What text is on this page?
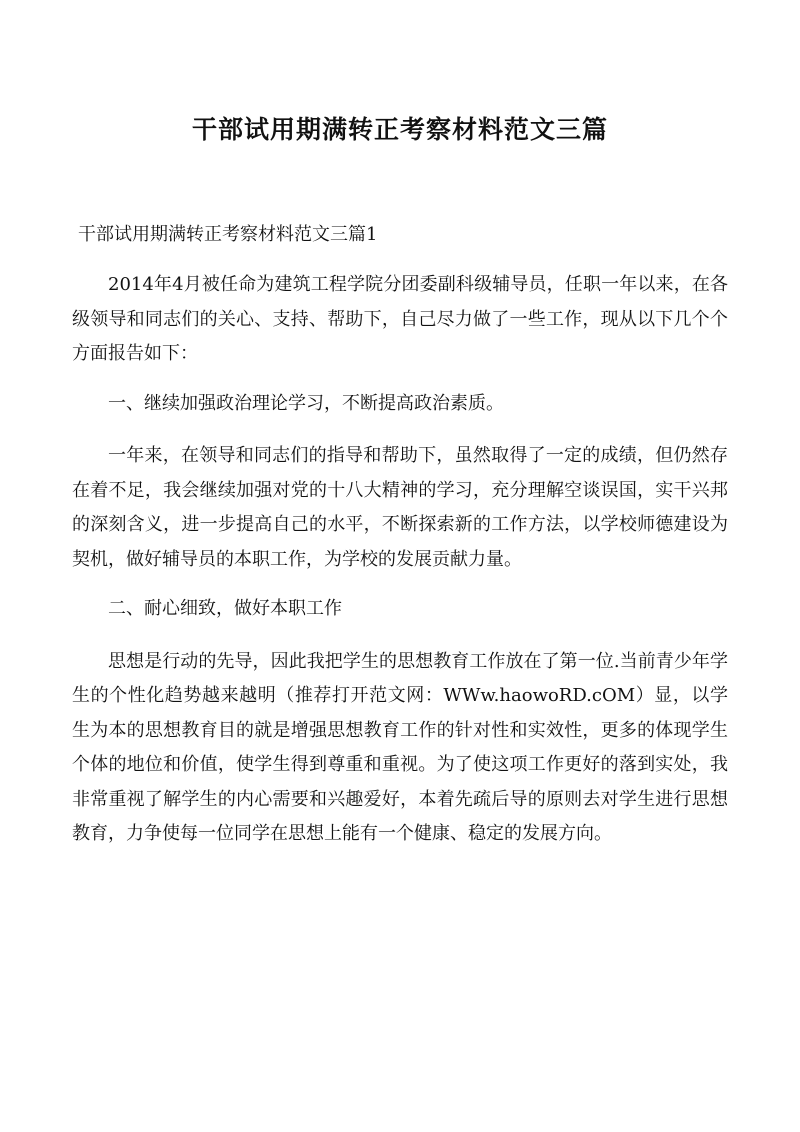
干部试用期满转正考察材料范文三篇

干部试用期满转正考察材料范文三篇1

2014年4月被任命为建筑工程学院分团委副科级辅导员，任职一年以来，在各级领导和同志们的关心、支持、帮助下，自己尽力做了一些工作，现从以下几个个方面报告如下：

一、继续加强政治理论学习，不断提高政治素质。

一年来，在领导和同志们的指导和帮助下，虽然取得了一定的成绩，但仍然存在着不足，我会继续加强对党的十八大精神的学习，充分理解空谈误国，实干兴邦的深刻含义，进一步提高自己的水平，不断探索新的工作方法，以学校师德建设为契机，做好辅导员的本职工作，为学校的发展贡献力量。

二、耐心细致，做好本职工作

思想是行动的先导，因此我把学生的思想教育工作放在了第一位.当前青少年学生的个性化趋势越来越明（推荐打开范文网：WWw.haowoRD.cOM）显，以学生为本的思想教育目的就是增强思想教育工作的针对性和实效性，更多的体现学生个体的地位和价值，使学生得到尊重和重视。为了使这项工作更好的落到实处，我非常重视了解学生的内心需要和兴趣爱好，本着先疏后导的原则去对学生进行思想教育，力争使每一位同学在思想上能有一个健康、稳定的发展方向。
